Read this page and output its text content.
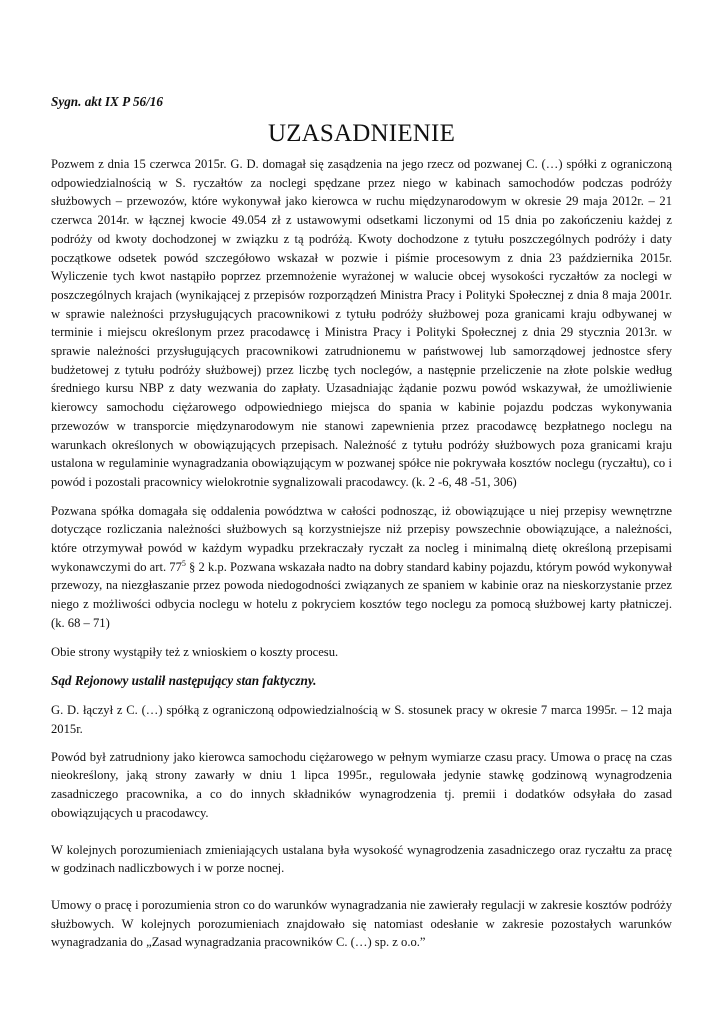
Sygn. akt IX P 56/16

UZASADNIENIE

Pozwem z dnia 15 czerwca 2015r. G. D. domagał się zasądzenia na jego rzecz od pozwanej C. (…) spółki z ograniczoną odpowiedzialnością w S. ryczałtów za noclegi spędzane przez niego w kabinach samochodów podczas podróży służbowych – przewozów, które wykonywał jako kierowca w ruchu międzynarodowym w okresie 29 maja 2012r. – 21 czerwca 2014r. w łącznej kwocie 49.054 zł z ustawowymi odsetkami liczonymi od 15 dnia po zakończeniu każdej z podróży od kwoty dochodzonej w związku z tą podróżą. Kwoty dochodzone z tytułu poszczególnych podróży i daty początkowe odsetek powód szczegółowo wskazał w pozwie i piśmie procesowym z dnia 23 października 2015r. Wyliczenie tych kwot nastąpiło poprzez przemnożenie wyrażonej w walucie obcej wysokości ryczałtów za noclegi w poszczególnych krajach (wynikającej z przepisów rozporządzeń Ministra Pracy i Polityki Społecznej z dnia 8 maja 2001r. w sprawie należności przysługujących pracownikowi z tytułu podróży służbowej poza granicami kraju odbywanej w terminie i miejscu określonym przez pracodawcę i Ministra Pracy i Polityki Społecznej z dnia 29 stycznia 2013r. w sprawie należności przysługujących pracownikowi zatrudnionemu w państwowej lub samorządowej jednostce sfery budżetowej z tytułu podróży służbowej) przez liczbę tych noclegów, a następnie przeliczenie na złote polskie według średniego kursu NBP z daty wezwania do zapłaty. Uzasadniając żądanie pozwu powód wskazywał, że umożliwienie kierowcy samochodu ciężarowego odpowiedniego miejsca do spania w kabinie pojazdu podczas wykonywania przewozów w transporcie międzynarodowym nie stanowi zapewnienia przez pracodawcę bezpłatnego noclegu na warunkach określonych w obowiązujących przepisach. Należność z tytułu podróży służbowych poza granicami kraju ustalona w regulaminie wynagradzania obowiązującym w pozwanej spółce nie pokrywała kosztów noclegu (ryczałtu), co i powód i pozostali pracownicy wielokrotnie sygnalizowali pracodawcy. (k. 2 -6, 48 -51, 306)

Pozwana spółka domagała się oddalenia powództwa w całości podnosząc, iż obowiązujące u niej przepisy wewnętrzne dotyczące rozliczania należności służbowych są korzystniejsze niż przepisy powszechnie obowiązujące, a należności, które otrzymywał powód w każdym wypadku przekraczały ryczałt za nocleg i minimalną dietę określoną przepisami wykonawczymi do art. $77^5$ § 2 k.p. Pozwana wskazała nadto na dobry standard kabiny pojazdu, którym powód wykonywał przewozy, na niezgłaszanie przez powoda niedogodności związanych ze spaniem w kabinie oraz na nieskorzystanie przez niego z możliwości odbycia noclegu w hotelu z pokryciem kosztów tego noclegu za pomocą służbowej karty płatniczej. (k. 68 – 71)

Obie strony wystąpiły też z wnioskiem o koszty procesu.

Sąd Rejonowy ustalił następujący stan faktyczny.

G. D. łączył z C. (…) spółką z ograniczoną odpowiedzialnością w S. stosunek pracy w okresie 7 marca 1995r. – 12 maja 2015r.

Powód był zatrudniony jako kierowca samochodu ciężarowego w pełnym wymiarze czasu pracy. Umowa o pracę na czas nieokreślony, jaką strony zawarły w dniu 1 lipca 1995r., regulowała jedynie stawkę godzinową wynagrodzenia zasadniczego pracownika, a co do innych składników wynagrodzenia tj. premii i dodatków odsyłała do zasad obowiązujących u pracodawcy.

W kolejnych porozumieniach zmieniających ustalana była wysokość wynagrodzenia zasadniczego oraz ryczałtu za pracę w godzinach nadliczbowych i w porze nocnej.

Umowy o pracę i porozumienia stron co do warunków wynagradzania nie zawierały regulacji w zakresie kosztów podróży służbowych. W kolejnych porozumieniach znajdowało się natomiast odesłanie w zakresie pozostałych warunków wynagradzania do „Zasad wynagradzania pracowników C. (…) sp. z o.o.”
